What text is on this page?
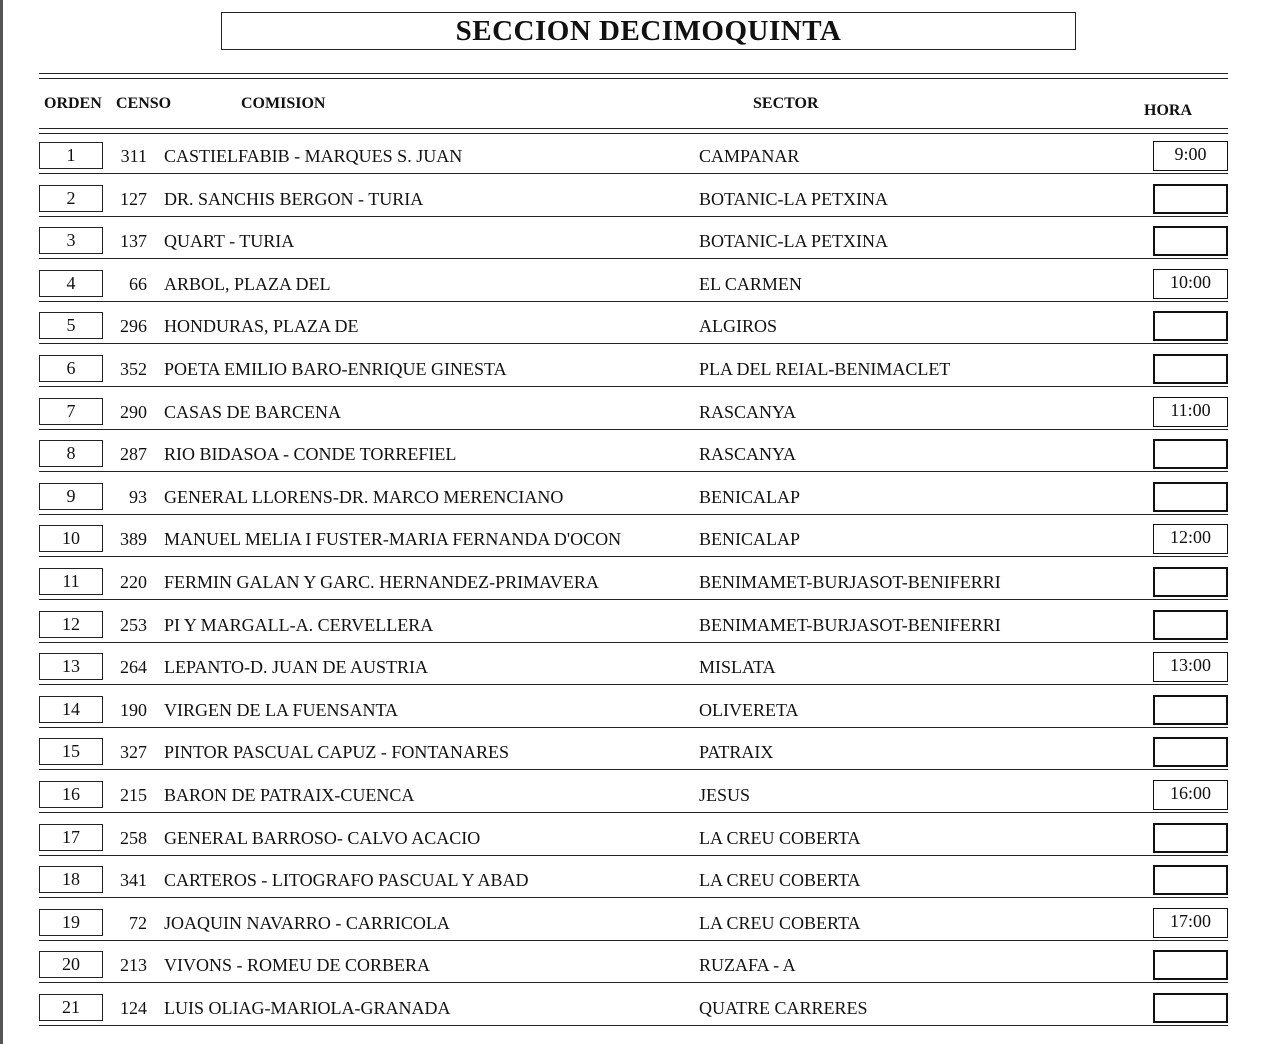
SECCION DECIMOQUINTA
ORDEN CENSO	COMISION	SECTOR	HORA
1	311 CASTIELFABIB - MARQUES S. JUAN	CAMPANAR	9:00
2	127 DR. SANCHIS BERGON - TURIA	BOTANIC-LA PETXINA
3	137 QUART - TURIA	BOTANIC-LA PETXINA
4	66 ARBOL, PLAZA DEL	EL CARMEN	10:00
5	296 HONDURAS, PLAZA DE	ALGIROS
6	352 POETA EMILIO BARO-ENRIQUE GINESTA	PLA DEL REIAL-BENIMACLET
7	290 CASAS DE BARCENA	RASCANYA	11:00
8	287 RIO BIDASOA - CONDE TORREFIEL	RASCANYA
9	93 GENERAL LLORENS-DR. MARCO MERENCIANO	BENICALAP
10	389 MANUEL MELIA I FUSTER-MARIA FERNANDA D'OCON	BENICALAP	12:00
11	220 FERMIN GALAN Y GARC. HERNANDEZ-PRIMAVERA	BENIMAMET-BURJASOT-BENIFERRI
12	253 PI Y MARGALL-A. CERVELLERA	BENIMAMET-BURJASOT-BENIFERRI
13	264 LEPANTO-D. JUAN DE AUSTRIA	MISLATA	13:00
14	190 VIRGEN DE LA FUENSANTA	OLIVERETA
15	327 PINTOR PASCUAL CAPUZ - FONTANARES	PATRAIX
16	215 BARON DE PATRAIX-CUENCA	JESUS	16:00
17	258 GENERAL BARROSO- CALVO ACACIO	LA CREU COBERTA
18	341 CARTEROS - LITOGRAFO PASCUAL Y ABAD	LA CREU COBERTA
19	72 JOAQUIN NAVARRO - CARRICOLA	LA CREU COBERTA	17:00
20	213 VIVONS - ROMEU DE CORBERA	RUZAFA - A
21	124 LUIS OLIAG-MARIOLA-GRANADA	QUATRE CARRERES
